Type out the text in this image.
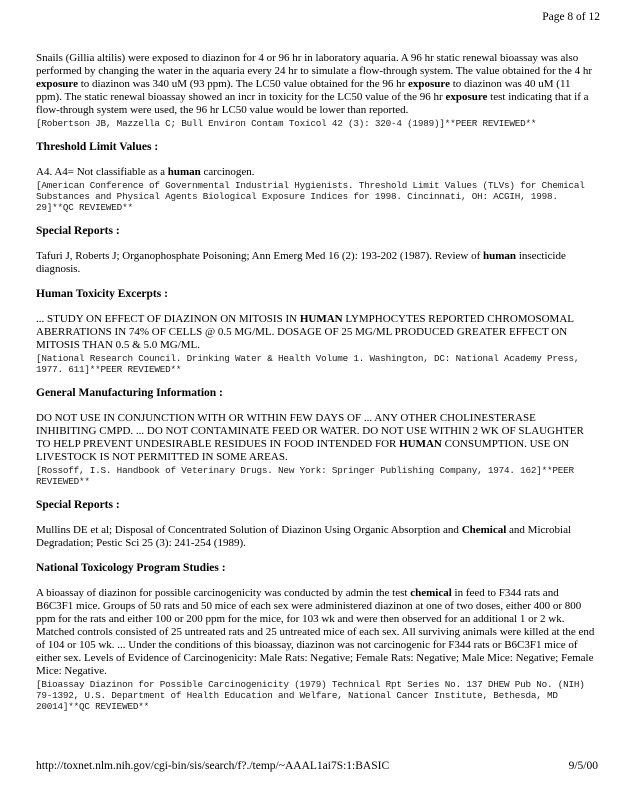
Page 8 of 12
Snails (Gillia altilis) were exposed to diazinon for 4 or 96 hr in laboratory aquaria. A 96 hr static renewal bioassay was also performed by changing the water in the aquaria every 24 hr to simulate a flow-through system. The value obtained for the 4 hr exposure to diazinon was 340 uM (93 ppm). The LC50 value obtained for the 96 hr exposure to diazinon was 40 uM (11 ppm). The static renewal bioassay showed an incr in toxicity for the LC50 value of the 96 hr exposure test indicating that if a flow-through system were used, the 96 hr LC50 value would be lower than reported.
[Robertson JB, Mazzella C; Bull Environ Contam Toxicol 42 (3): 320-4 (1989)]**PEER REVIEWED**
Threshold Limit Values :
A4. A4= Not classifiable as a human carcinogen.
[American Conference of Governmental Industrial Hygienists. Threshold Limit Values (TLVs) for Chemical Substances and Physical Agents Biological Exposure Indices for 1998. Cincinnati, OH: ACGIH, 1998. 29]**QC REVIEWED**
Special Reports :
Tafuri J, Roberts J; Organophosphate Poisoning; Ann Emerg Med 16 (2): 193-202 (1987). Review of human insecticide diagnosis.
Human Toxicity Excerpts :
... STUDY ON EFFECT OF DIAZINON ON MITOSIS IN HUMAN LYMPHOCYTES REPORTED CHROMOSOMAL ABERRATIONS IN 74% OF CELLS @ 0.5 MG/ML. DOSAGE OF 25 MG/ML PRODUCED GREATER EFFECT ON MITOSIS THAN 0.5 & 5.0 MG/ML.
[National Research Council. Drinking Water & Health Volume 1. Washington, DC: National Academy Press, 1977. 611]**PEER REVIEWED**
General Manufacturing Information :
DO NOT USE IN CONJUNCTION WITH OR WITHIN FEW DAYS OF ... ANY OTHER CHOLINESTERASE INHIBITING CMPD. ... DO NOT CONTAMINATE FEED OR WATER. DO NOT USE WITHIN 2 WK OF SLAUGHTER TO HELP PREVENT UNDESIRABLE RESIDUES IN FOOD INTENDED FOR HUMAN CONSUMPTION. USE ON LIVESTOCK IS NOT PERMITTED IN SOME AREAS.
[Rossoff, I.S. Handbook of Veterinary Drugs. New York: Springer Publishing Company, 1974. 162]**PEER REVIEWED**
Special Reports :
Mullins DE et al; Disposal of Concentrated Solution of Diazinon Using Organic Absorption and Chemical and Microbial Degradation; Pestic Sci 25 (3): 241-254 (1989).
National Toxicology Program Studies :
A bioassay of diazinon for possible carcinogenicity was conducted by admin the test chemical in feed to F344 rats and B6C3F1 mice. Groups of 50 rats and 50 mice of each sex were administered diazinon at one of two doses, either 400 or 800 ppm for the rats and either 100 or 200 ppm for the mice, for 103 wk and were then observed for an additional 1 or 2 wk. Matched controls consisted of 25 untreated rats and 25 untreated mice of each sex. All surviving animals were killed at the end of 104 or 105 wk. ... Under the conditions of this bioassay, diazinon was not carcinogenic for F344 rats or B6C3F1 mice of either sex. Levels of Evidence of Carcinogenicity: Male Rats: Negative; Female Rats: Negative; Male Mice: Negative; Female Mice: Negative.
[Bioassay Diazinon for Possible Carcinogenicity (1979) Technical Rpt Series No. 137 DHEW Pub No. (NIH) 79-1392, U.S. Department of Health Education and Welfare, National Cancer Institute, Bethesda, MD 20014]**QC REVIEWED**
http://toxnet.nlm.nih.gov/cgi-bin/sis/search/f?./temp/~AAAL1ai7S:1:BASIC	9/5/00
